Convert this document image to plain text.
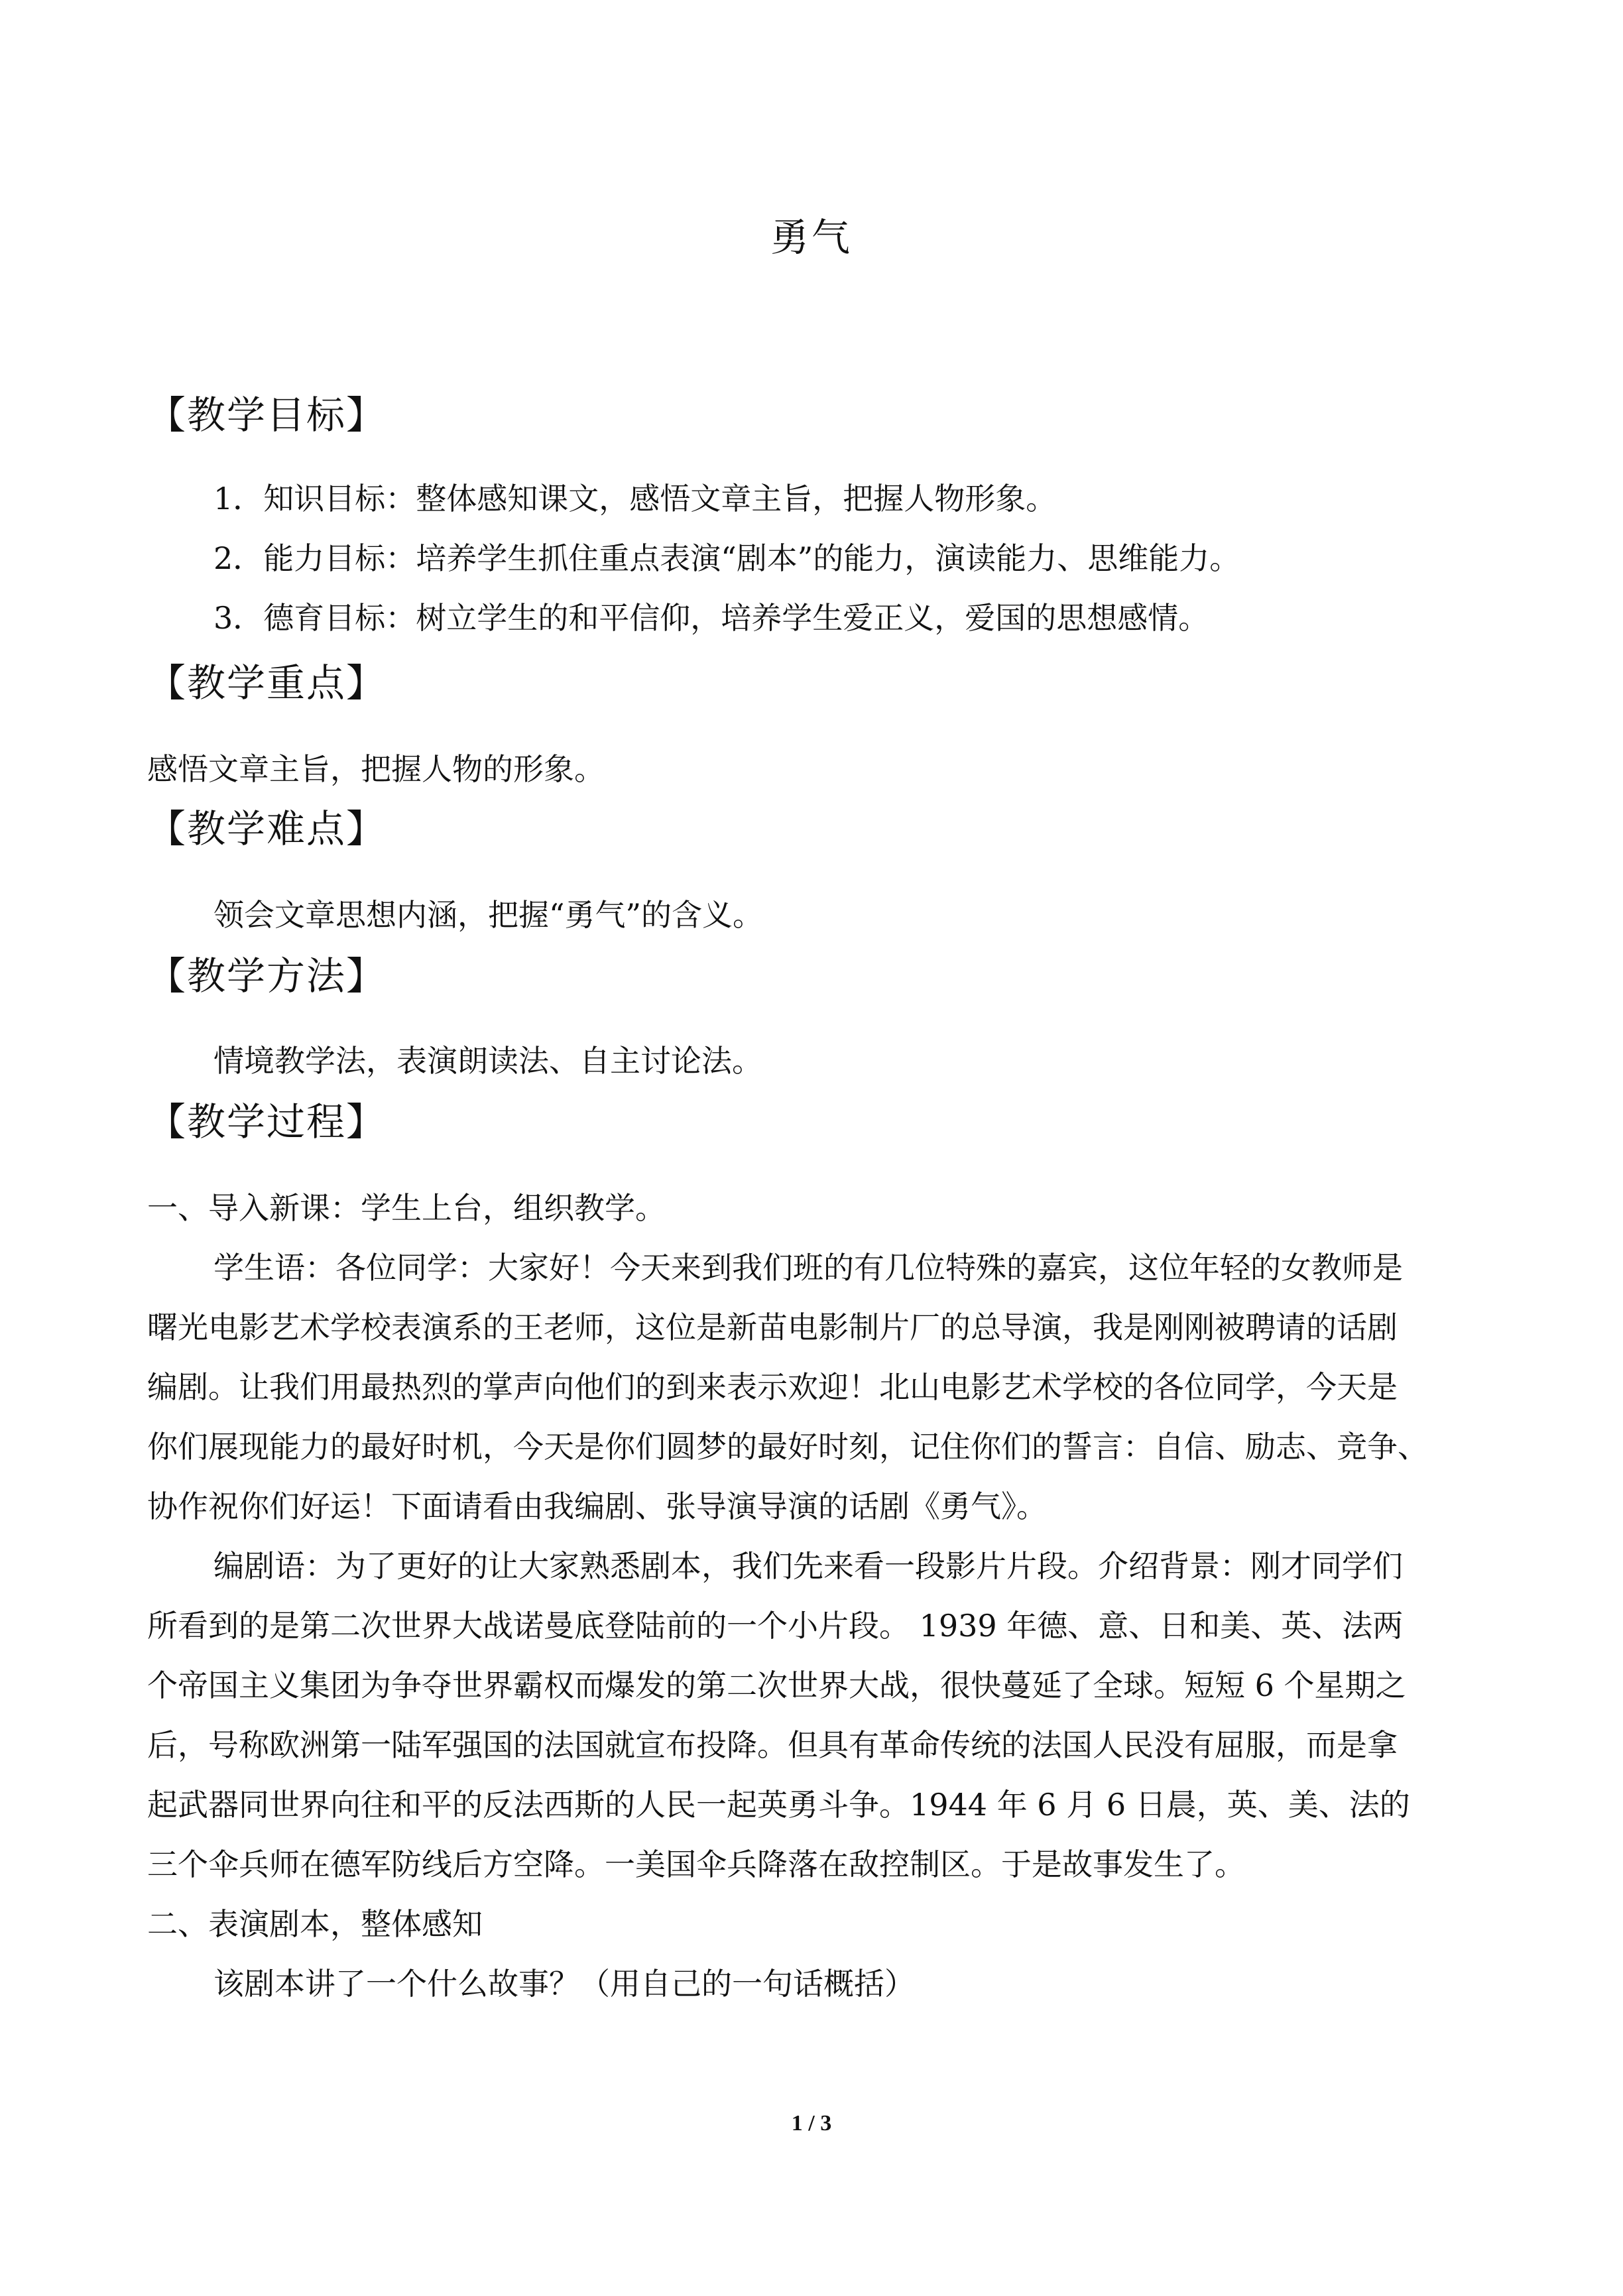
勇气
【教学目标】
1．知识目标：整体感知课文，感悟文章主旨，把握人物形象。
2．能力目标：培养学生抓住重点表演“剧本”的能力，演读能力、思维能力。
3．德育目标：树立学生的和平信仰，培养学生爱正义，爱国的思想感情。
【教学重点】
感悟文章主旨，把握人物的形象。
【教学难点】
领会文章思想内涵，把握“勇气”的含义。
【教学方法】
情境教学法，表演朗读法、自主讨论法。
【教学过程】
一、导入新课：学生上台，组织教学。
学生语：各位同学：大家好！今天来到我们班的有几位特殊的嘉宾，这位年轻的女教师是
曙光电影艺术学校表演系的王老师，这位是新苗电影制片厂的总导演，我是刚刚被聘请的话剧
编剧。让我们用最热烈的掌声向他们的到来表示欢迎！北山电影艺术学校的各位同学，今天是
你们展现能力的最好时机，今天是你们圆梦的最好时刻，记住你们的誓言：自信、励志、竞争、
协作祝你们好运！下面请看由我编剧、张导演导演的话剧《勇气》。
编剧语：为了更好的让大家熟悉剧本，我们先来看一段影片片段。介绍背景：刚才同学们
所看到的是第二次世界大战诺曼底登陆前的一个小片段。 1939 年德、意、日和美、英、法两
个帝国主义集团为争夺世界霸权而爆发的第二次世界大战，很快蔓延了全球。短短 6 个星期之
后，号称欧洲第一陆军强国的法国就宣布投降。但具有革命传统的法国人民没有屈服，而是拿
起武器同世界向往和平的反法西斯的人民一起英勇斗争。1944 年 6 月 6 日晨，英、美、法的
三个伞兵师在德军防线后方空降。一美国伞兵降落在敌控制区。于是故事发生了。
二、表演剧本，整体感知
该剧本讲了一个什么故事？（用自己的一句话概括）
1 / 3
